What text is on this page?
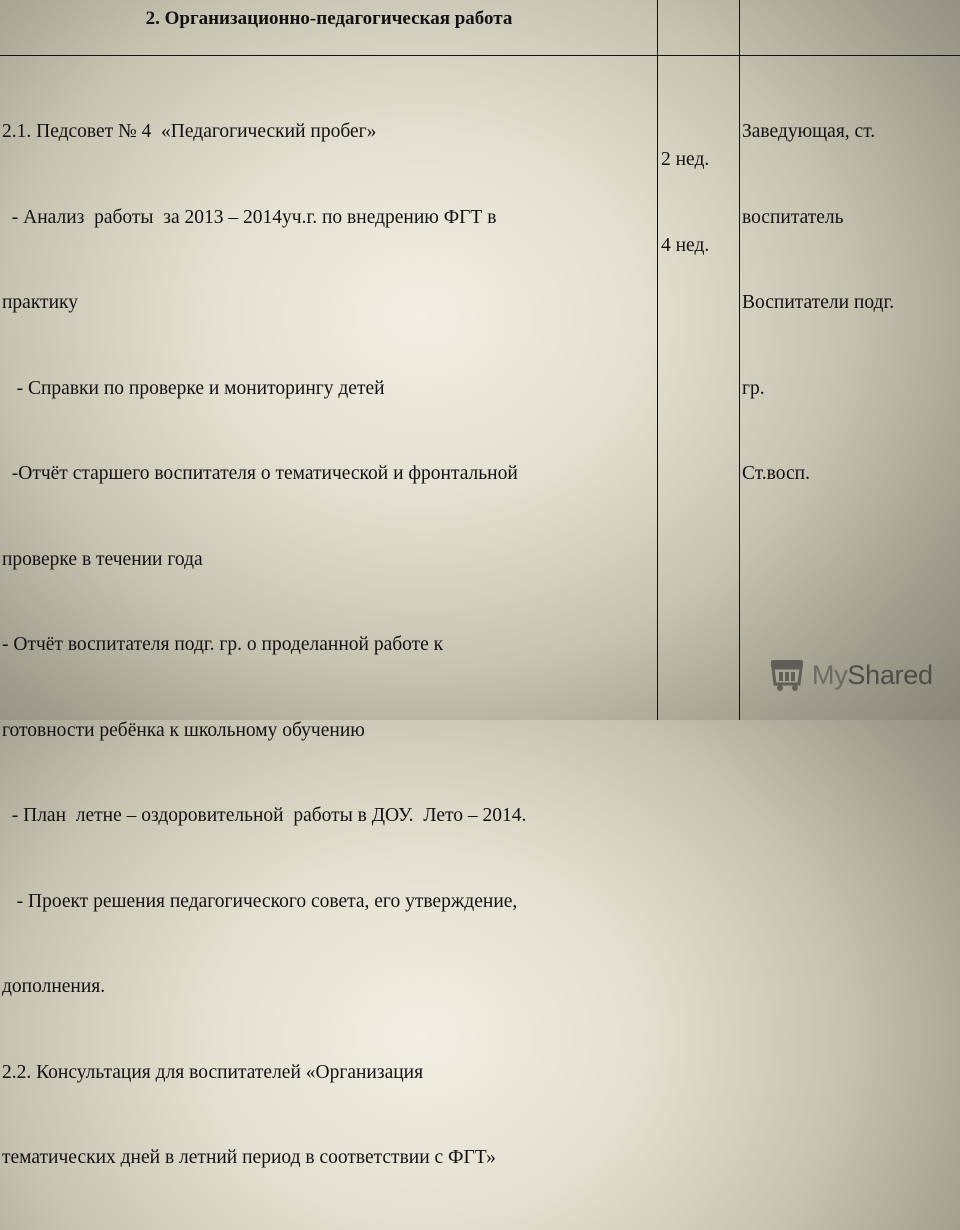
2. Организационно-педагогическая работа

2.1. Педсовет № 4  «Педагогический пробег»

- Анализ  работы  за 2013 – 2014уч.г. по внедрению ФГТ в

практику

- Справки по проверке и мониторингу детей

-Отчёт старшего воспитателя о тематической и фронтальной

проверке в течении года

- Отчёт воспитателя подг. гр. о проделанной работе к

готовности ребёнка к школьному обучению

- План  летне – оздоровительной  работы в ДОУ.  Лето – 2014.

- Проект решения педагогического совета, его утверждение,

дополнения.

2.2. Консультация для воспитателей «Организация

тематических дней в летний период в соответствии с ФГТ»

2 нед.

4 нед.

Заведующая, ст.

воспитатель

Воспитатели подг.

гр.

Ст.восп.

MyShared
